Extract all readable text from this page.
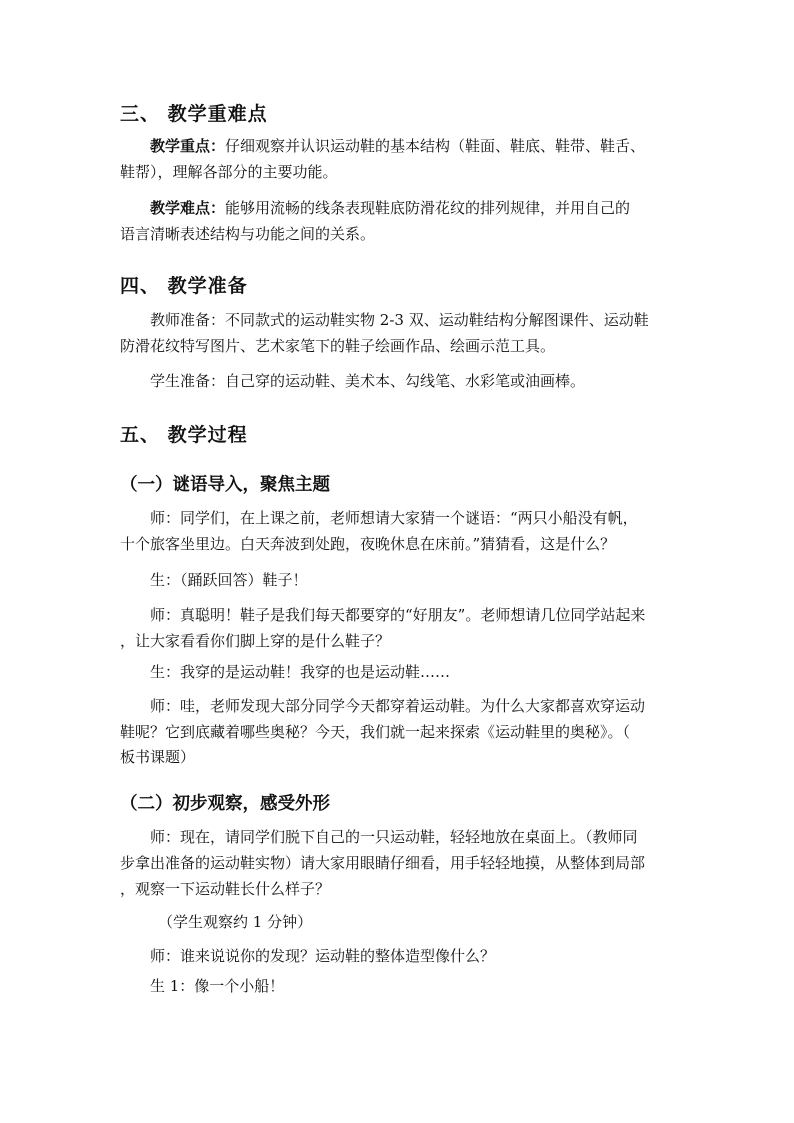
三、 教学重难点
教学重点：仔细观察并认识运动鞋的基本结构（鞋面、鞋底、鞋带、鞋舌、
鞋帮），理解各部分的主要功能。
教学难点：能够用流畅的线条表现鞋底防滑花纹的排列规律，并用自己的
语言清晰表述结构与功能之间的关系。
四、 教学准备
教师准备：不同款式的运动鞋实物 2-3 双、运动鞋结构分解图课件、运动鞋
防滑花纹特写图片、艺术家笔下的鞋子绘画作品、绘画示范工具。
学生准备：自己穿的运动鞋、美术本、勾线笔、水彩笔或油画棒。
五、 教学过程
（一）谜语导入，聚焦主题
师：同学们，在上课之前，老师想请大家猜一个谜语：“两只小船没有帆，
十个旅客坐里边。白天奔波到处跑，夜晚休息在床前。”猜猜看，这是什么？
生：（踊跃回答）鞋子！
师：真聪明！鞋子是我们每天都要穿的“好朋友”。老师想请几位同学站起来
，让大家看看你们脚上穿的是什么鞋子？
生：我穿的是运动鞋！我穿的也是运动鞋……
师：哇，老师发现大部分同学今天都穿着运动鞋。为什么大家都喜欢穿运动
鞋呢？它到底藏着哪些奥秘？今天，我们就一起来探索《运动鞋里的奥秘》。（
板书课题）
（二）初步观察，感受外形
师：现在，请同学们脱下自己的一只运动鞋，轻轻地放在桌面上。（教师同
步拿出准备的运动鞋实物）请大家用眼睛仔细看，用手轻轻地摸，从整体到局部
，观察一下运动鞋长什么样子？
（学生观察约 1 分钟）
师：谁来说说你的发现？运动鞋的整体造型像什么？
生 1：像一个小船！
